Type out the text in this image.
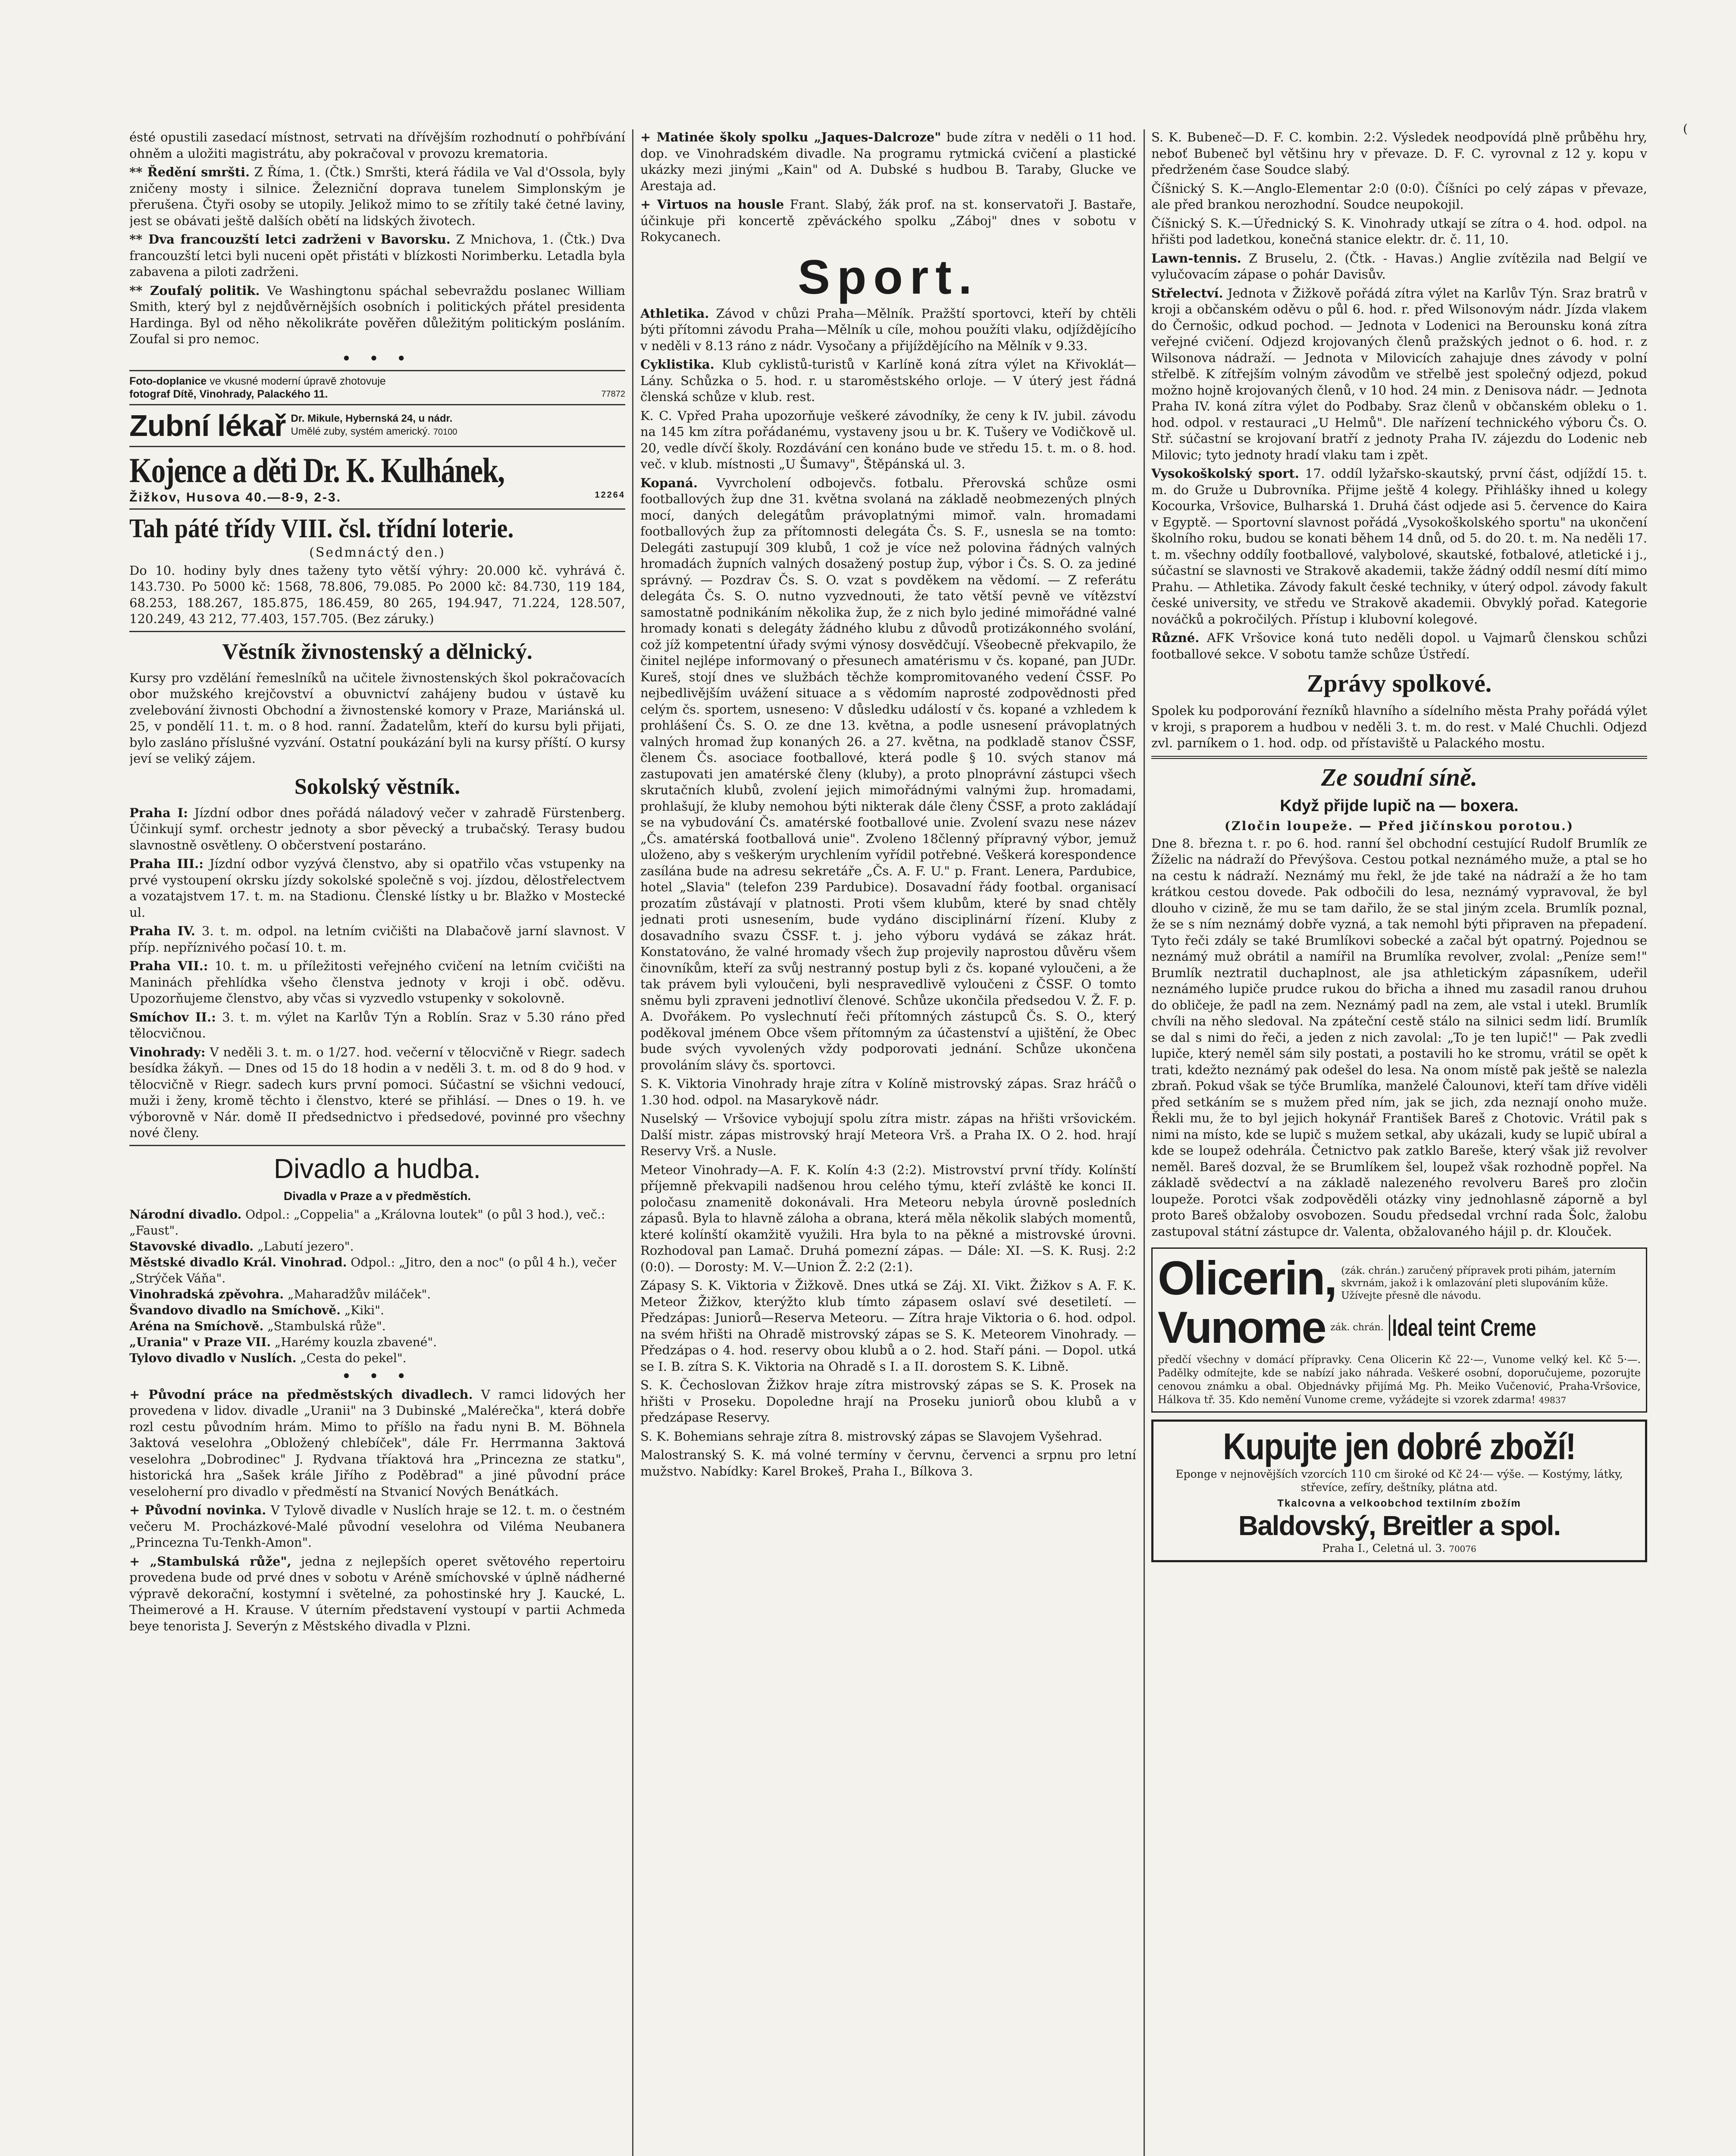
(

ésté opustili zasedací místnost, setrvati na dřívějším rozhodnutí o pohřbívání ohněm a uložiti magistrátu, aby pokračoval v provozu krematoria.

** Ředění smršti. Z Říma, 1. (Čtk.) Smršti, která řádila ve Val d'Ossola, byly zničeny mosty i silnice. Železniční doprava tunelem Simplonským je přerušena. Čtyři osoby se utopily. Jelikož mimo to se zřítily také četné laviny, jest se obávati ještě dalších obětí na lidských životech.

** Dva francouzští letci zadrženi v Bavorsku. Z Mnichova, 1. (Čtk.) Dva francouzští letci byli nuceni opět přistáti v blízkosti Norimberku. Letadla byla zabavena a piloti zadrženi.

** Zoufalý politik. Ve Washingtonu spáchal sebevraždu poslanec William Smith, který byl z nejdůvěrnějších osobních i politických přátel presidenta Hardinga. Byl od něho několikráte pověřen důležitým politickým posláním. Zoufal si pro nemoc.

• • •
Foto-doplanice ve vkusné moderní úpravě zhotovuje
fotograf Dítě, Vinohrady, Palackého 11.	77872
Zubní lékař Dr. Mikule, Hybernská 24, u nádr.
Umělé zuby, systém americký. 70100
Kojence a děti Dr. K. Kulhánek,
Žižkov, Husova 40.—8-9, 2-3.	12264
Tah páté třídy VIII. čsl. třídní loterie.
(Sedmnáctý den.)

Do 10. hodiny byly dnes taženy tyto větší výhry: 20.000 kč. vyhrává č. 143.730. Po 5000 kč: 1568, 78.806, 79.085. Po 2000 kč: 84.730, 119 184, 68.253, 188.267, 185.875, 186.459, 80 265, 194.947, 71.224, 128.507, 120.249, 43 212, 77.403, 157.705. (Bez záruky.)

Věstník živnostenský a dělnický.

Kursy pro vzdělání řemeslníků na učitele živnostenských škol pokračovacích obor mužského krejčovství a obuvnictví zahájeny budou v ústavě ku zvelebování živnosti Obchodní a živnostenské komory v Praze, Mariánská ul. 25, v pondělí 11. t. m. o 8 hod. ranní. Žadatelům, kteří do kursu byli přijati, bylo zasláno příslušné vyzvání. Ostatní poukázání byli na kursy příští. O kursy jeví se veliký zájem.

Sokolský věstník.

Praha I: Jízdní odbor dnes pořádá náladový večer v zahradě Fürstenberg. Účinkují symf. orchestr jednoty a sbor pěvecký a trubačský. Terasy budou slavnostně osvětleny. O občerstvení postaráno.

Praha III.: Jízdní odbor vyzývá členstvo, aby si opatřilo včas vstupenky na prvé vystoupení okrsku jízdy sokolské společně s voj. jízdou, dělostřelectvem a vozatajstvem 17. t. m. na Stadionu. Členské lístky u br. Blažko v Mostecké ul.

Praha IV. 3. t. m. odpol. na letním cvičišti na Dlabačově jarní slavnost. V příp. nepříznivého počasí 10. t. m.

Praha VII.: 10. t. m. u příležitosti veřejného cvičení na letním cvičišti na Maninách přehlídka všeho členstva jednoty v kroji i obč. oděvu. Upozorňujeme členstvo, aby včas si vyzvedlo vstupenky v sokolovně.

Smíchov II.: 3. t. m. výlet na Karlův Týn a Roblín. Sraz v 5.30 ráno před tělocvičnou.

Vinohrady: V neděli 3. t. m. o 1/27. hod. večerní v tělocvičně v Riegr. sadech besídka žákyň. — Dnes od 15 do 18 hodin a v neděli 3. t. m. od 8 do 9 hod. v tělocvičně v Riegr. sadech kurs první pomoci. Súčastní se všichni vedoucí, muži i ženy, kromě těchto i členstvo, které se přihlásí. — Dnes o 19. h. ve výborovně v Nár. domě II předsednictvo i předsedové, povinné pro všechny nové členy.

Divadlo a hudba.
Divadla v Praze a v předměstích.

Národní divadlo. Odpol.: „Coppelia" a „Královna loutek" (o půl 3 hod.), več.: „Faust".

Stavovské divadlo. „Labutí jezero".

Městské divadlo Král. Vinohrad. Odpol.: „Jitro, den a noc" (o půl 4 h.), večer „Strýček Váňa".

Vinohradská zpěvohra. „Maharadžův miláček".

Švandovo divadlo na Smíchově. „Kiki".

Aréna na Smíchově. „Stambulská růže".

„Urania" v Praze VII. „Harémy kouzla zbavené".

Tylovo divadlo v Nuslích. „Cesta do pekel".

• • •

+ Původní práce na předměstských divadlech. V ramci lidových her provedena v lidov. divadle „Uranii" na 3 Dubinské „Malérečka", která dobře rozl cestu původním hrám. Mimo to příšlo na řadu nyni B. M. Böhnela 3aktová veselohra „Obložený chlebíček", dále Fr. Herrmanna 3aktová veselohra „Dobrodinec" J. Rydvana tříaktová hra „Princezna ze statku", historická hra „Sašek krále Jiřího z Poděbrad" a jiné původní práce veseloherní pro divadlo v předměstí na Stvanicí Nových Benátkách.

+ Původní novinka. V Tylově divadle v Nuslích hraje se 12. t. m. o čestném večeru M. Procházkové-Malé původní veselohra od Viléma Neubanera „Princezna Tu-Tenkh-Amon".

+ „Stambulská růže", jedna z nejlepších operet světového repertoiru provedena bude od prvé dnes v sobotu v Aréně smíchovské v úplně nádherné výpravě dekorační, kostymní i světelné, za pohostinské hry J. Kaucké, L. Theimerové a H. Krause. V úterním představení vystoupí v partii Achmeda beye tenorista J. Severýn z Městského divadla v Plzni.

+ Matinée školy spolku „Jaques-Dalcroze" bude zítra v neděli o 11 hod. dop. ve Vinohradském divadle. Na programu rytmická cvičení a plastické ukázky mezi jinými „Kain" od A. Dubské s hudbou B. Taraby, Glucke ve Arestaja ad.

+ Virtuos na housle Frant. Slabý, žák prof. na st. konservatoři J. Bastaře, účinkuje při koncertě zpěváckého spolku „Záboj" dnes v sobotu v Rokycanech.

Sport.

Athletika. Závod v chůzi Praha—Mělník. Pražští sportovci, kteří by chtěli býti přítomni závodu Praha—Mělník u cíle, mohou použíti vlaku, odjíždějícího v neděli v 8.13 ráno z nádr. Vysočany a přijíždějícího na Mělník v 9.33.

Cyklistika. Klub cyklistů-turistů v Karlíně koná zítra výlet na Křivoklát—Lány. Schůzka o 5. hod. r. u staroměstského orloje. — V úterý jest řádná členská schůze v klub. rest.

K. C. Vpřed Praha upozorňuje veškeré závodníky, že ceny k IV. jubil. závodu na 145 km zítra pořádanému, vystaveny jsou u br. K. Tušery ve Vodičkově ul. 20, vedle dívčí školy. Rozdávání cen konáno bude ve středu 15. t. m. o 8. hod. več. v klub. místnosti „U Šumavy", Štěpánská ul. 3.

Kopaná. Vyvrcholení odbojevčs. fotbalu. Přerovská schůze osmi footballových žup dne 31. května svolaná na základě neobmezených plných mocí, daných delegátům právoplatnými mimoř. valn. hromadami footballových žup za přítomnosti delegáta Čs. S. F., usnesla se na tomto: Delegáti zastupují 309 klubů, 1 což je více než polovina řádných valných hromadách župních valných dosažený postup žup, výbor i Čs. S. O. za jediné správný. — Pozdrav Čs. S. O. vzat s povděkem na vědomí. — Z referátu delegáta Čs. S. O. nutno vyzvednouti, že tato větší pevně ve vítězství samostatně podnikáním několika žup, že z nich bylo jediné mimořádné valné hromady konati s delegáty žádného klubu z důvodů protizákonného svolání, což jíž kompetentní úřady svými výnosy dosvědčují. Všeobecně překvapilo, že činitel nejlépe informovaný o přesunech amatérismu v čs. kopané, pan JUDr. Kureš, stojí dnes ve službách těchže kompromitovaného vedení ČSSF. Po nejbedlivějším uvážení situace a s vědomím naprosté zodpovědnosti před celým čs. sportem, usneseno: V důsledku událostí v čs. kopané a vzhledem k prohlášení Čs. S. O. ze dne 13. května, a podle usnesení právoplatných valných hromad žup konaných 26. a 27. května, na podkladě stanov ČSSF, členem Čs. asociace footballové, která podle § 10. svých stanov má zastupovati jen amatérské členy (kluby), a proto plnoprávní zástupci všech skrutačních klubů, zvolení jejich mimořádnými valnými žup. hromadami, prohlašují, že kluby nemohou býti nikterak dále členy ČSSF, a proto zakládají se na vybudování Čs. amatérské footballové unie. Zvolení svazu nese název „Čs. amatérská footballová unie". Zvoleno 18členný přípravný výbor, jemuž uloženo, aby s veškerým urychlením vyřídil potřebné. Veškerá korespondence zasílána bude na adresu sekretáře „Čs. A. F. U." p. Frant. Lenera, Pardubice, hotel „Slavia" (telefon 239 Pardubice). Dosavadní řády footbal. organisací prozatím zůstávají v platnosti. Proti všem klubům, které by snad chtěly jednati proti usnesením, bude vydáno disciplinární řízení. Kluby z dosavadního svazu ČSSF. t. j. jeho výboru vydává se zákaz hrát. Konstatováno, že valné hromady všech žup projevily naprostou důvěru všem činovníkům, kteří za svůj nestranný postup byli z čs. kopané vyloučeni, a že tak právem byli vyloučeni, byli nespravedlivě vyloučeni z ČSSF. O tomto sněmu byli zpraveni jednotliví členové. Schůze ukončila předsedou V. Ž. F. p. A. Dvořákem. Po vyslechnutí řeči přítomných zástupců Čs. S. O., který poděkoval jménem Obce všem přítomným za účastenství a ujištění, že Obec bude svých vyvolených vždy podporovati jednání. Schůze ukončena provoláním slávy čs. sportovci.

S. K. Viktoria Vinohrady hraje zítra v Kolíně mistrovský zápas. Sraz hráčů o 1.30 hod. odpol. na Masarykově nádr.

Nuselský — Vršovice vybojují spolu zítra mistr. zápas na hřišti vršovickém. Další mistr. zápas mistrovský hrají Meteora Vrš. a Praha IX. O 2. hod. hrají Reservy Vrš. a Nusle.

Meteor Vinohrady—A. F. K. Kolín 4:3 (2:2). Mistrovství první třídy. Kolínští příjemně překvapili nadšenou hrou celého týmu, kteří zvláště ke konci II. poločasu znamenitě dokonávali. Hra Meteoru nebyla úrovně posledních zápasů. Byla to hlavně záloha a obrana, která měla několik slabých momentů, které kolínští okamžitě využili. Hra byla to na pěkné a mistrovské úrovni. Rozhodoval pan Lamač. Druhá pomezní zápas. — Dále: XI. —S. K. Rusj. 2:2 (0:0). — Dorosty: M. V.—Union Ž. 2:2 (2:1).

Zápasy S. K. Viktoria v Žižkově. Dnes utká se Záj. XI. Vikt. Žižkov s A. F. K. Meteor Žižkov, kterýžto klub tímto zápasem oslaví své desetiletí. — Předzápas: Juniorů—Reserva Meteoru. — Zítra hraje Viktoria o 6. hod. odpol. na svém hřišti na Ohradě mistrovský zápas se S. K. Meteorem Vinohrady. — Předzápas o 4. hod. reservy obou klubů a o 2. hod. Staří páni. — Dopol. utká se I. B. zítra S. K. Viktoria na Ohradě s I. a II. dorostem S. K. Libně.

S. K. Čechoslovan Žižkov hraje zítra mistrovský zápas se S. K. Prosek na hřišti v Proseku. Dopoledne hrají na Proseku juniorů obou klubů a v předzápase Reservy.

S. K. Bohemians sehraje zítra 8. mistrovský zápas se Slavojem Vyšehrad.

Malostranský S. K. má volné termíny v červnu, červenci a srpnu pro letní mužstvo. Nabídky: Karel Brokeš, Praha I., Bílkova 3.

S. K. Bubeneč—D. F. C. kombin. 2:2. Výsledek neodpovídá plně průběhu hry, neboť Bubeneč byl většinu hry v převaze. D. F. C. vyrovnal z 12 y. kopu v předrženém čase Soudce slabý.

Číšnický S. K.—Anglo-Elementar 2:0 (0:0). Číšníci po celý zápas v převaze, ale před brankou nerozhodní. Soudce neupokojil.

Číšnický S. K.—Úřednický S. K. Vinohrady utkají se zítra o 4. hod. odpol. na hřišti pod ladetkou, konečná stanice elektr. dr. č. 11, 10.

Lawn-tennis. Z Bruselu, 2. (Čtk. - Havas.) Anglie zvítězila nad Belgií ve vylučovacím zápase o pohár Davisův.

Střelectví. Jednota v Žižkově pořádá zítra výlet na Karlův Týn. Sraz bratrů v kroji a občanském oděvu o půl 6. hod. r. před Wilsonovým nádr. Jízda vlakem do Černošic, odkud pochod. — Jednota v Lodenici na Berounsku koná zítra veřejné cvičení. Odjezd krojovaných členů pražských jednot o 6. hod. r. z Wilsonova nádraží. — Jednota v Milovicích zahajuje dnes závody v polní střelbě. K zítřejším volným závodům ve střelbě jest společný odjezd, pokud možno hojně krojovaných členů, v 10 hod. 24 min. z Denisova nádr. — Jednota Praha IV. koná zítra výlet do Podbaby. Sraz členů v občanském obleku o 1. hod. odpol. v restauraci „U Helmů". Dle nařízení technického výboru Čs. O. Stř. súčastní se krojovaní bratří z jednoty Praha IV. zájezdu do Lodenic neb Milovic; tyto jednoty hradí vlaku tam i zpět.

Vysokoškolský sport. 17. oddíl lyžařsko-skautský, první část, odjíždí 15. t. m. do Gruže u Dubrovníka. Přijme ještě 4 kolegy. Přihlášky ihned u kolegy Kocourka, Vršovice, Bulharská 1. Druhá část odjede asi 5. července do Kaira v Egyptě. — Sportovní slavnost pořádá „Vysokoškolského sportu" na ukončení školního roku, budou se konati během 14 dnů, od 5. do 20. t. m. Na neděli 17. t. m. všechny oddíly footballové, valybolové, skautské, fotbalové, atletické i j., súčastní se slavnosti ve Strakově akademii, takže žádný oddíl nesmí dítí mimo Prahu. — Athletika. Závody fakult české techniky, v úterý odpol. závody fakult české university, ve středu ve Strakově akademii. Obvyklý pořad. Kategorie nováčků a pokročilých. Přístup i klubovní kolegové.

Různé. AFK Vršovice koná tuto neděli dopol. u Vajmarů členskou schůzi footballové sekce. V sobotu tamže schůze Ústředí.

Zprávy spolkové.

Spolek ku podporování řezníků hlavního a sídelního města Prahy pořádá výlet v kroji, s praporem a hudbou v neděli 3. t. m. do rest. v Malé Chuchli. Odjezd zvl. parníkem o 1. hod. odp. od přístaviště u Palackého mostu.

Ze soudní síně.
Když přijde lupič na — boxera.
(Zločin loupeže. — Před jičínskou porotou.)

Dne 8. března t. r. po 6. hod. ranní šel obchodní cestující Rudolf Brumlík ze Žíželic na nádraží do Převýšova. Cestou potkal neznámého muže, a ptal se ho na cestu k nádraží. Neznámý mu řekl, že jde také na nádraží a že ho tam krátkou cestou dovede. Pak odbočili do lesa, neznámý vypravoval, že byl dlouho v cizině, že mu se tam dařilo, že se stal jiným zcela. Brumlík poznal, že se s ním neznámý dobře vyzná, a tak nemohl býti připraven na přepadení. Tyto řeči zdály se také Brumlíkovi sobecké a začal být opatrný. Pojednou se neznámý muž obrátil a namířil na Brumlíka revolver, zvolal: „Peníze sem!" Brumlík neztratil duchaplnost, ale jsa athletickým zápasníkem, udeřil neznámého lupiče prudce rukou do břicha a ihned mu zasadil ranou druhou do obličeje, že padl na zem. Neznámý padl na zem, ale vstal i utekl. Brumlík chvíli na něho sledoval. Na zpáteční cestě stálo na silnici sedm lidí. Brumlík se dal s nimi do řeči, a jeden z nich zavolal: „To je ten lupič!" — Pak zvedli lupiče, který neměl sám sily postati, a postavili ho ke stromu, vrátil se opět k trati, kdežto neznámý pak odešel do lesa. Na onom místě pak ještě se nalezla zbraň. Pokud však se týče Brumlíka, manželé Čalounovi, kteří tam dříve viděli před setkáním se s mužem před ním, jak se jich, zda neznají onoho muže. Řekli mu, že to byl jejich hokynář František Bareš z Chotovic. Vrátil pak s nimi na místo, kde se lupič s mužem setkal, aby ukázali, kudy se lupič ubíral a kde se loupež odehrála. Četnictvo pak zatklo Bareše, který však již revolver neměl. Bareš dozval, že se Brumlíkem šel, loupež však rozhodně popřel. Na základě svědectví a na základě nalezeného revolveru Bareš pro zločin loupeže. Porotci však zodpověděli otázky viny jednohlasně záporně a byl proto Bareš obžaloby osvobozen. Soudu předsedal vrchní rada Šolc, žalobu zastupoval státní zástupce dr. Valenta, obžalovaného hájil p. dr. Klouček.

Olicerin, (zák. chrán.) zaručený přípravek proti pihám, jaterním skvrnám, jakož i k omlazování pleti slupováním kůže. Užívejte přesně dle návodu.
Vunome zák. chrán. Ideal teint Creme
předčí všechny v domácí přípravky. Cena Olicerin Kč 22·—, Vunome velký kel. Kč 5·—. Padělky odmítejte, kde se nabízí jako náhrada. Veškeré osobní, doporučujeme, pozorujte cenovou známku a obal. Objednávky přijímá Mg. Ph. Meiko Vučenović, Praha-Vršovice, Hálkova tř. 35. Kdo nemění Vunome creme, vyžádejte si vzorek zdarma! 49837
Kupujte jen dobré zboží!
Eponge v nejnovějších vzorcích 110 cm široké od Kč 24·— výše. — Kostýmy, látky, střevíce, zefíry, deštníky, plátna atd.
Tkalcovna a velkoobchod textilním zbožím
Baldovský, Breitler a spol.
Praha I., Celetná ul. 3. 70076
